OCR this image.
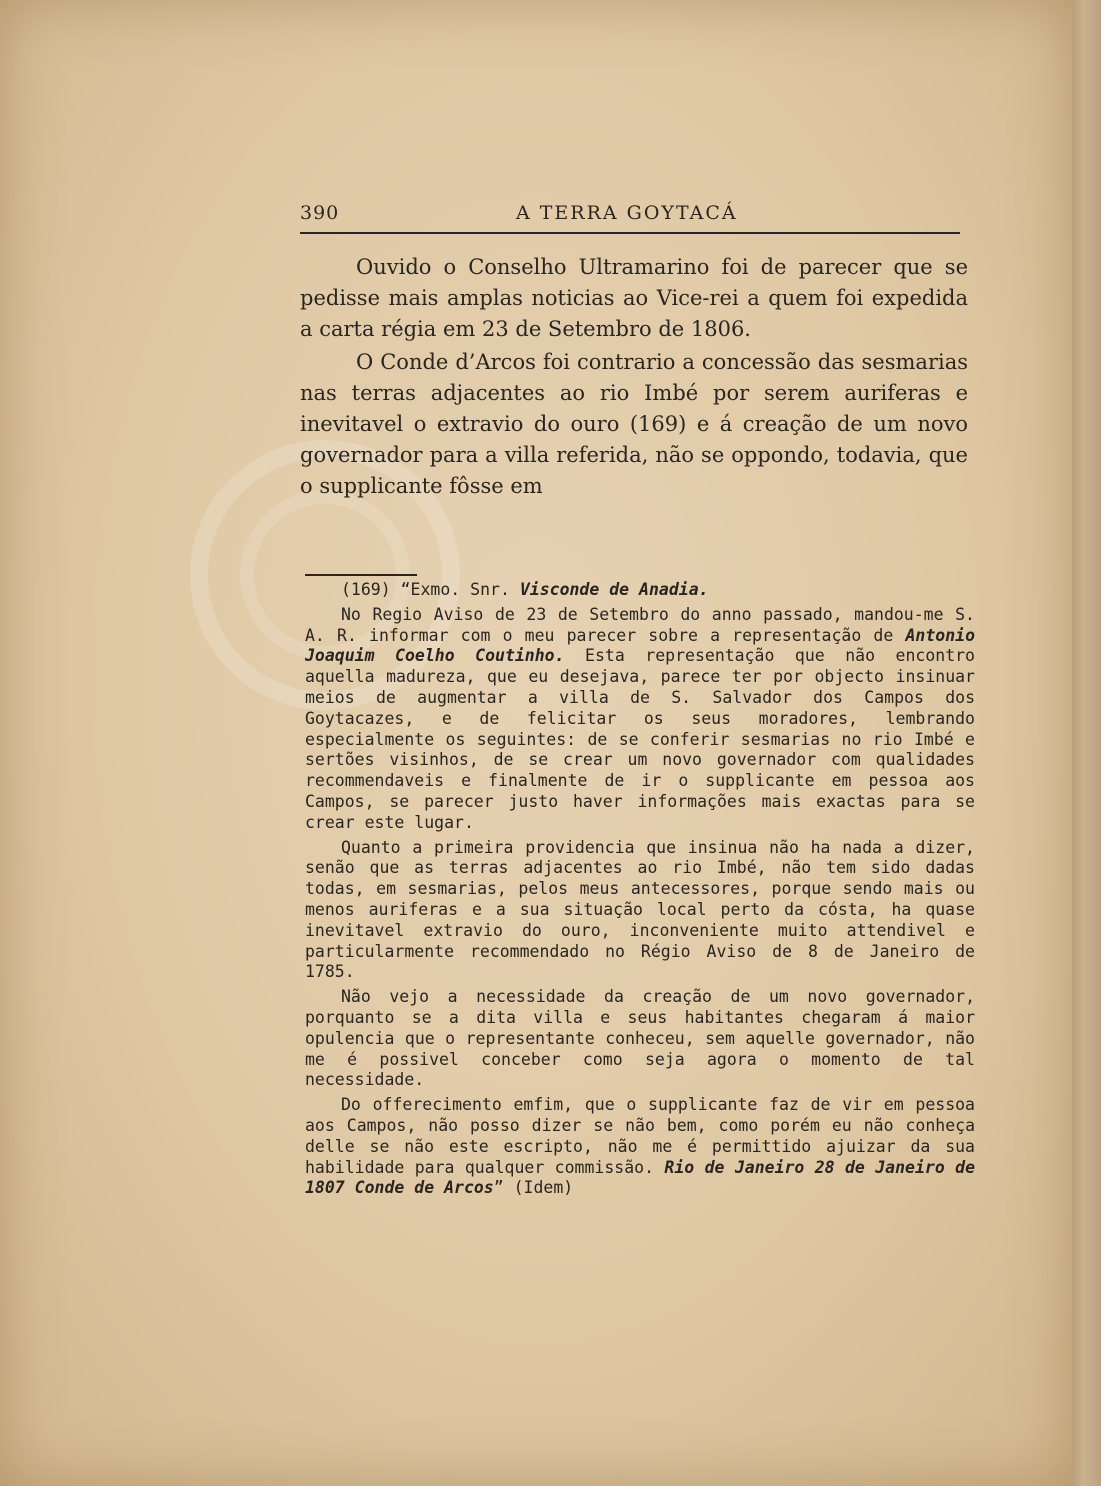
390	A TERRA GOYTACÁ

Ouvido o Conselho Ultramarino foi de parecer que se pedisse mais amplas noticias ao Vice-rei a quem foi expedida a carta régia em 23 de Setembro de 1806.

O Conde d’Arcos foi contrario a concessão das sesmarias nas terras adjacentes ao rio Imbé por serem auriferas e inevitavel o extravio do ouro (169) e á creação de um novo governador para a villa referida, não se oppondo, todavia, que o supplicante fôsse em

(169) “Exmo. Snr. Visconde de Anadia.

No Regio Aviso de 23 de Setembro do anno passado, mandou-me S. A. R. informar com o meu parecer sobre a representação de Antonio Joaquim Coelho Coutinho. Esta representação que não encontro aquella madureza, que eu desejava, parece ter por objecto insinuar meios de augmentar a villa de S. Salvador dos Campos dos Goytacazes, e de felicitar os seus moradores, lembrando especialmente os seguintes: de se conferir sesmarias no rio Imbé e sertões visinhos, de se crear um novo governador com qualidades recommendaveis e finalmente de ir o supplicante em pessoa aos Campos, se parecer justo haver informações mais exactas para se crear este lugar.

Quanto a primeira providencia que insinua não ha nada a dizer, senão que as terras adjacentes ao rio Imbé, não tem sido dadas todas, em sesmarias, pelos meus antecessores, porque sendo mais ou menos auriferas e a sua situação local perto da cósta, ha quase inevitavel extravio do ouro, inconveniente muito attendivel e particularmente recommendado no Régio Aviso de 8 de Janeiro de 1785.

Não vejo a necessidade da creação de um novo governador, porquanto se a dita villa e seus habitantes chegaram á maior opulencia que o representante conheceu, sem aquelle governador, não me é possivel conceber como seja agora o momento de tal necessidade.

Do offerecimento emfim, que o supplicante faz de vir em pessoa aos Campos, não posso dizer se não bem, como porém eu não conheça delle se não este escripto, não me é permittido ajuizar da sua habilidade para qualquer commissão. Rio de Janeiro 28 de Janeiro de 1807 Conde de Arcos” (Idem)
